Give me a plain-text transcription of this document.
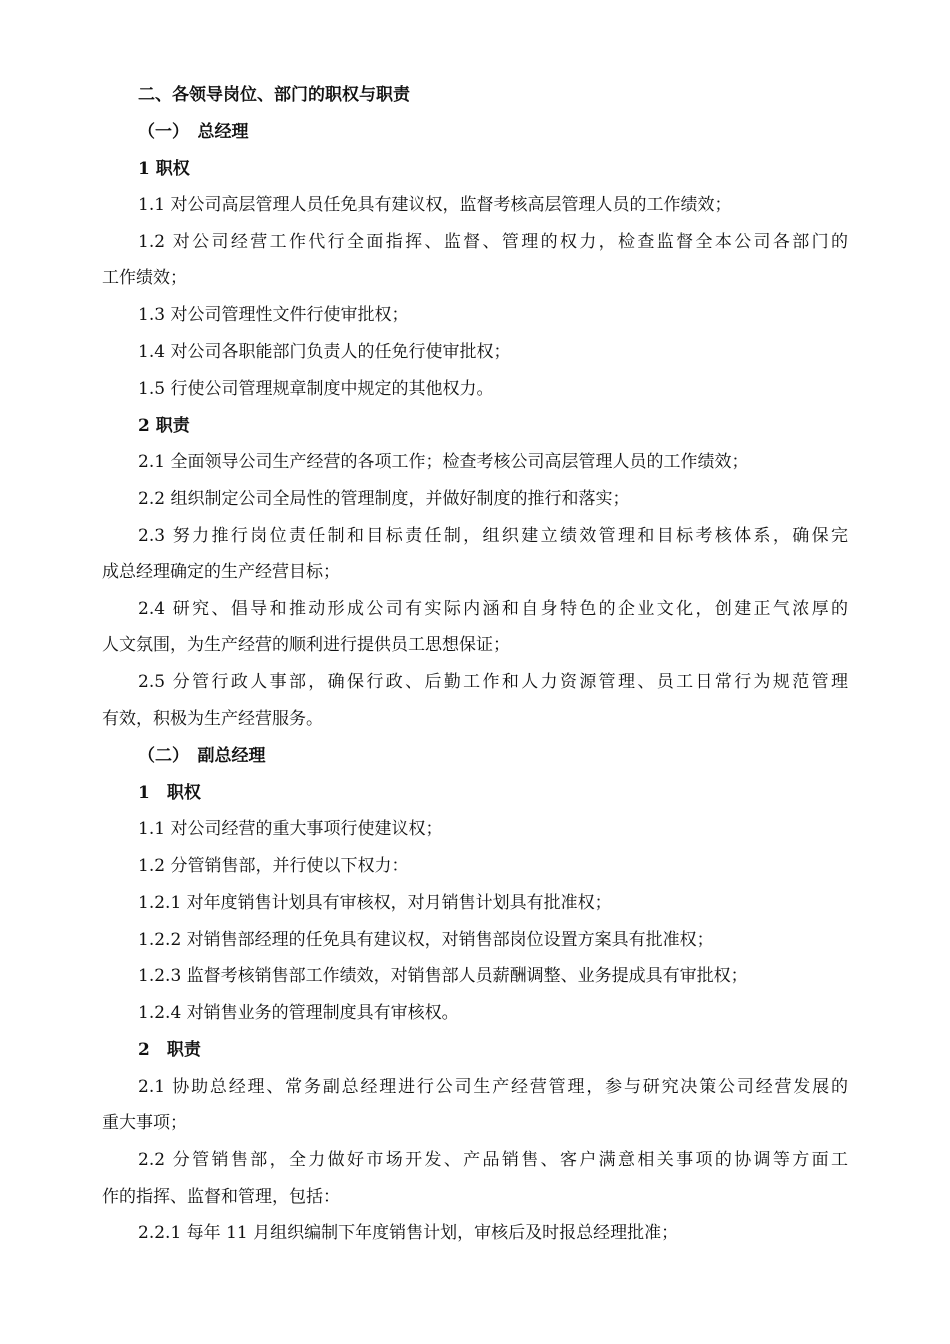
二、各领导岗位、部门的职权与职责
（一）　总经理
1 职权
1.1 对公司高层管理人员任免具有建议权，监督考核高层管理人员的工作绩效；
1.2 对公司经营工作代行全面指挥、监督、管理的权力，检查监督全本公司各部门的
工作绩效；
1.3 对公司管理性文件行使审批权；
1.4 对公司各职能部门负责人的任免行使审批权；
1.5 行使公司管理规章制度中规定的其他权力。
2 职责
2.1 全面领导公司生产经营的各项工作；检查考核公司高层管理人员的工作绩效；
2.2 组织制定公司全局性的管理制度，并做好制度的推行和落实；
2.3 努力推行岗位责任制和目标责任制，组织建立绩效管理和目标考核体系，确保完
成总经理确定的生产经营目标；
2.4 研究、倡导和推动形成公司有实际内涵和自身特色的企业文化，创建正气浓厚的
人文氛围，为生产经营的顺利进行提供员工思想保证；
2.5 分管行政人事部，确保行政、后勤工作和人力资源管理、员工日常行为规范管理
有效，积极为生产经营服务。
（二）　副总经理
1　职权
1.1 对公司经营的重大事项行使建议权；
1.2 分管销售部，并行使以下权力：
1.2.1 对年度销售计划具有审核权，对月销售计划具有批准权；
1.2.2 对销售部经理的任免具有建议权，对销售部岗位设置方案具有批准权；
1.2.3 监督考核销售部工作绩效，对销售部人员薪酬调整、业务提成具有审批权；
1.2.4 对销售业务的管理制度具有审核权。
2　职责
2.1 协助总经理、常务副总经理进行公司生产经营管理，参与研究决策公司经营发展的
重大事项；
2.2 分管销售部，全力做好市场开发、产品销售、客户满意相关事项的协调等方面工
作的指挥、监督和管理，包括：
2.2.1 每年 11 月组织编制下年度销售计划，审核后及时报总经理批准；
